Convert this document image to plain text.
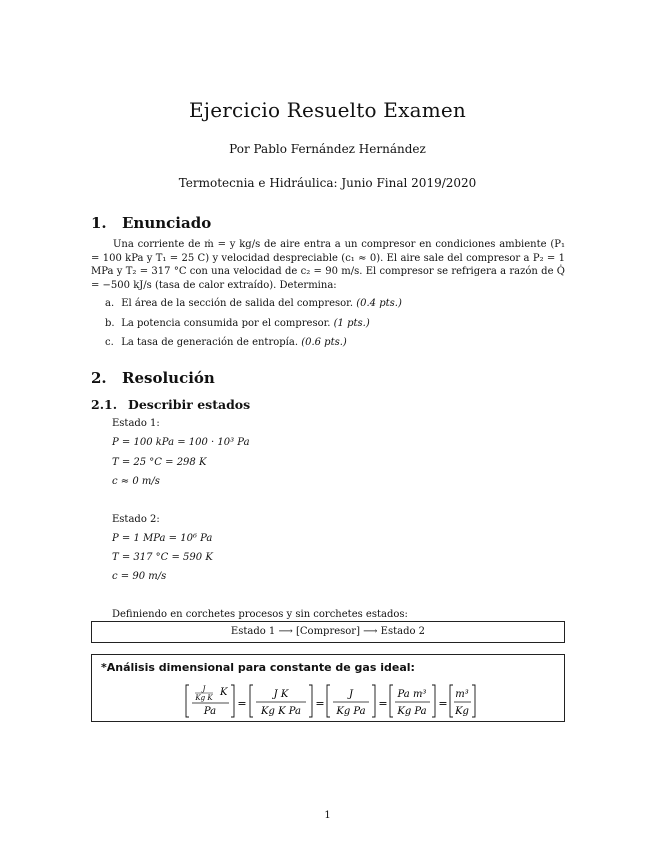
Ejercicio Resuelto Examen
Por Pablo Fernández Hernández
Termotecnia e Hidráulica: Junio Final 2019/2020
1. Enunciado
Una corriente de ṁ = y kg/s de aire entra a un compresor en condiciones ambiente (P₁ = 100 kPa y T₁ = 25 C) y velocidad despreciable (c₁ ≈ 0). El aire sale del compresor a P₂ = 1 MPa y T₂ = 317 °C con una velocidad de c₂ = 90 m/s. El compresor se refrigera a razón de Q̇ = −500 kJ/s (tasa de calor extraído). Determina:
a. El área de la sección de salida del compresor. (0.4 pts.)
b. La potencia consumida por el compresor. (1 pts.)
c. La tasa de generación de entropía. (0.6 pts.)
2. Resolución
2.1. Describir estados
Estado 1:
P = 100 kPa = 100 · 10³ Pa
T = 25 °C = 298 K
c ≈ 0 m/s
Estado 2:
P = 1 MPa = 10⁶ Pa
T = 317 °C = 590 K
c = 90 m/s
Definiendo en corchetes procesos y sin corchetes estados:
Estado 1 ⟶ [Compresor] ⟶ Estado 2
*Análisis dimensional para constante de gas ideal:
J
Kg K K
Pa
=
J K
Kg K Pa
=
J
Kg Pa
=
Pa m³
Kg Pa
=
m³
Kg
1
